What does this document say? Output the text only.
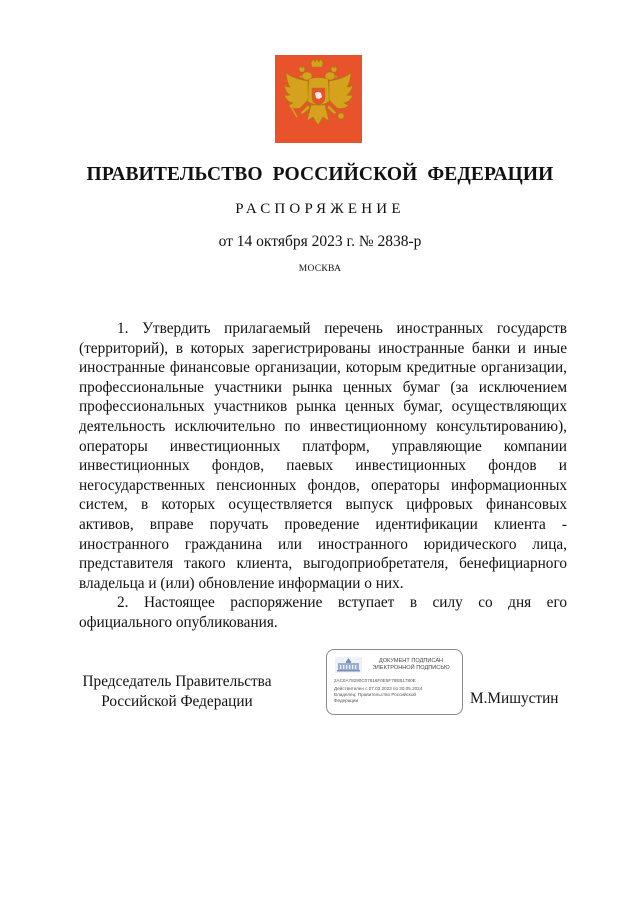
ПРАВИТЕЛЬСТВО РОССИЙСКОЙ ФЕДЕРАЦИИ
РАСПОРЯЖЕНИЕ
от 14 октября 2023 г. № 2838-р
МОСКВА

1. Утвердить прилагаемый перечень иностранных государств (территорий), в которых зарегистрированы иностранные банки и иные иностранные финансовые организации, которым кредитные организации, профессиональные участники рынка ценных бумаг (за исключением профессиональных участников рынка ценных бумаг, осуществляющих деятельность исключительно по инвестиционному консультированию), операторы инвестиционных платформ, управляющие компании инвестиционных фондов, паевых инвестиционных фондов и негосударственных пенсионных фондов, операторы информационных систем, в которых осуществляется выпуск цифровых финансовых активов, вправе поручать проведение идентификации клиента - иностранного гражданина или иностранного юридического лица, представителя такого клиента, выгодоприобретателя, бенефициарного владельца и (или) обновление информации о них.

2. Настоящее распоряжение вступает в силу со дня его официального опубликования.

Председатель Правительства
Российской Федерации
ДОКУМЕНТ ПОДПИСАН
ЭЛЕКТРОННОЙ ПОДПИСЬЮ
2AC0A78290C07616F0E5F78EB1780E
Действителен с 07.03.2023 по 30.05.2024
Владелец: Правительство Российской
Федерации	М.Мишустин
